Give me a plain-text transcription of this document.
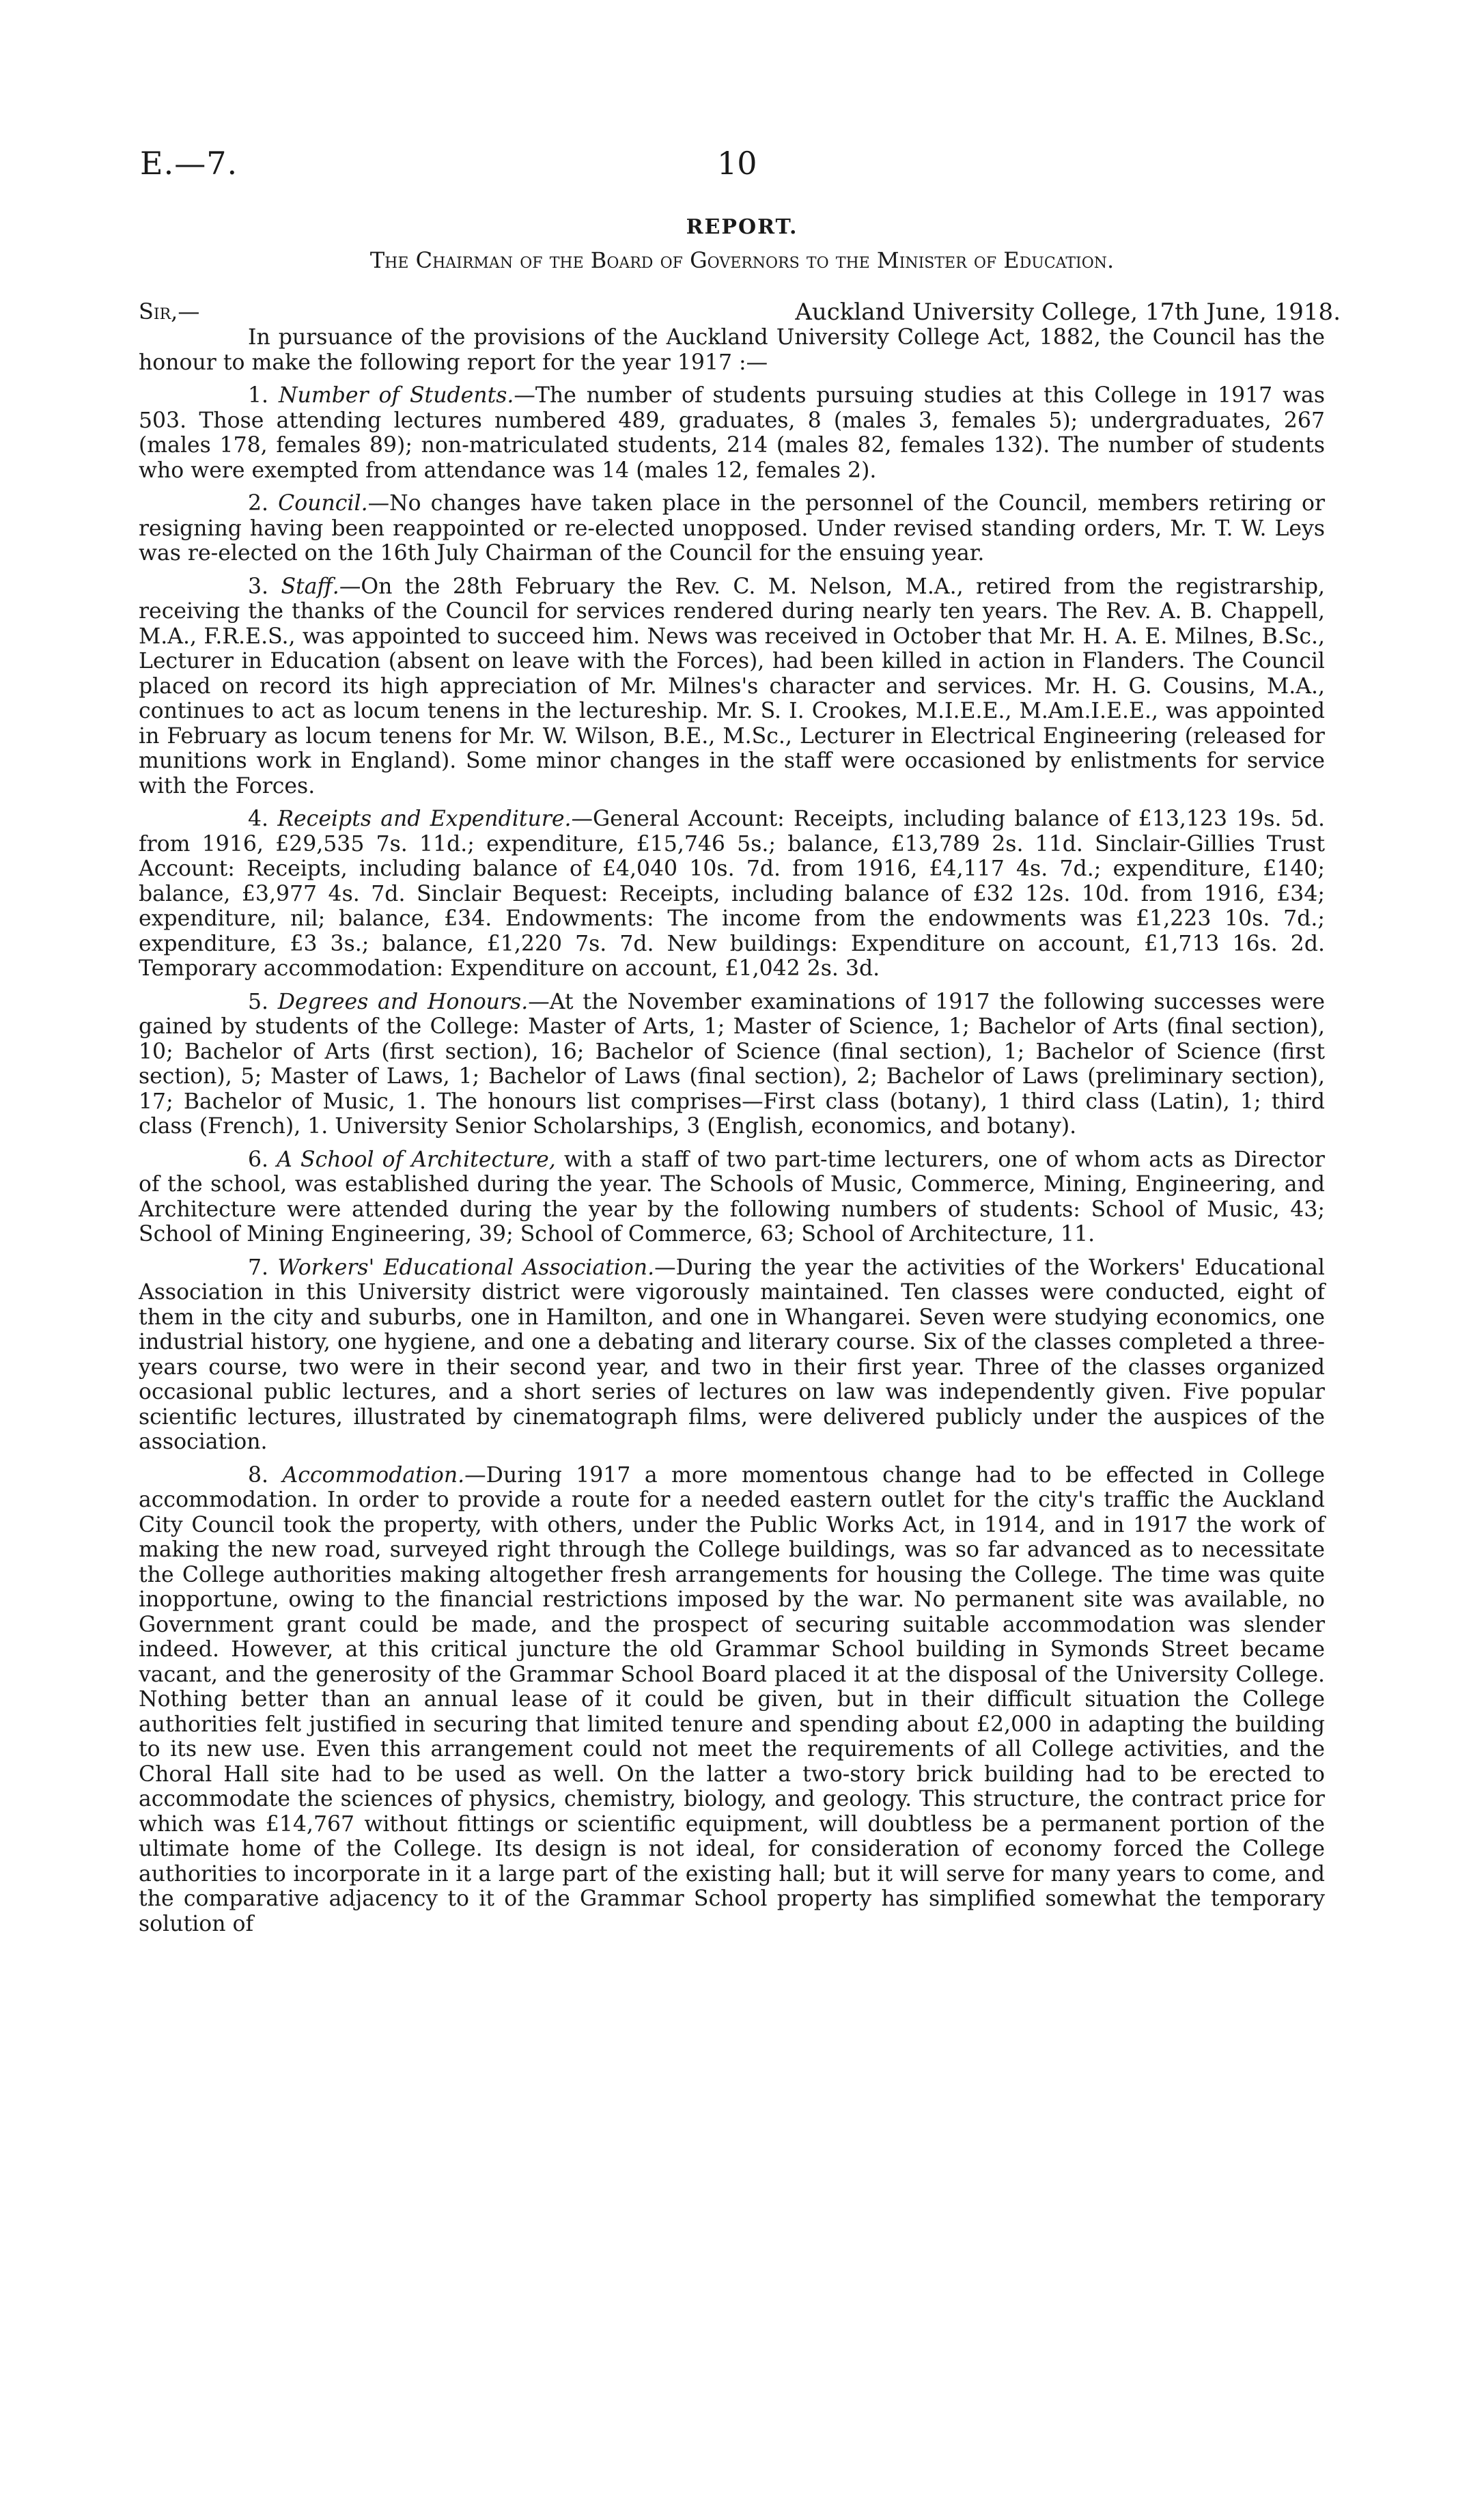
E.—7.	10
REPORT.
The Chairman of the Board of Governors to the Minister of Education.
Sir,—	Auckland University College, 17th June, 1918.

In pursuance of the provisions of the Auckland University College Act, 1882, the Council has the honour to make the following report for the year 1917 :—

1. Number of Students.—The number of students pursuing studies at this College in 1917 was 503. Those attending lectures numbered 489, graduates, 8 (males 3, females 5); undergraduates, 267 (males 178, females 89); non-matriculated students, 214 (males 82, females 132). The number of students who were exempted from attendance was 14 (males 12, females 2).

2. Council.—No changes have taken place in the personnel of the Council, members retiring or resigning having been reappointed or re-elected unopposed. Under revised standing orders, Mr. T. W. Leys was re-elected on the 16th July Chairman of the Council for the ensuing year.

3. Staff.—On the 28th February the Rev. C. M. Nelson, M.A., retired from the registrarship, receiving the thanks of the Council for services rendered during nearly ten years. The Rev. A. B. Chappell, M.A., F.R.E.S., was appointed to succeed him. News was received in October that Mr. H. A. E. Milnes, B.Sc., Lecturer in Education (absent on leave with the Forces), had been killed in action in Flanders. The Council placed on record its high appreciation of Mr. Milnes's character and services. Mr. H. G. Cousins, M.A., continues to act as locum tenens in the lectureship. Mr. S. I. Crookes, M.I.E.E., M.Am.I.E.E., was appointed in February as locum tenens for Mr. W. Wilson, B.E., M.Sc., Lecturer in Electrical Engineering (released for munitions work in England). Some minor changes in the staff were occasioned by enlistments for service with the Forces.

4. Receipts and Expenditure.—General Account: Receipts, including balance of £13,123 19s. 5d. from 1916, £29,535 7s. 11d.; expenditure, £15,746 5s.; balance, £13,789 2s. 11d. Sinclair-Gillies Trust Account: Receipts, including balance of £4,040 10s. 7d. from 1916, £4,117 4s. 7d.; expenditure, £140; balance, £3,977 4s. 7d. Sinclair Bequest: Receipts, including balance of £32 12s. 10d. from 1916, £34; expenditure, nil; balance, £34. Endowments: The income from the endowments was £1,223 10s. 7d.; expenditure, £3 3s.; balance, £1,220 7s. 7d. New buildings: Expenditure on account, £1,713 16s. 2d. Temporary accommodation: Expenditure on account, £1,042 2s. 3d.

5. Degrees and Honours.—At the November examinations of 1917 the following successes were gained by students of the College: Master of Arts, 1; Master of Science, 1; Bachelor of Arts (final section), 10; Bachelor of Arts (first section), 16; Bachelor of Science (final section), 1; Bachelor of Science (first section), 5; Master of Laws, 1; Bachelor of Laws (final section), 2; Bachelor of Laws (preliminary section), 17; Bachelor of Music, 1. The honours list comprises—First class (botany), 1 third class (Latin), 1; third class (French), 1. University Senior Scholarships, 3 (English, economics, and botany).

6. A School of Architecture, with a staff of two part-time lecturers, one of whom acts as Director of the school, was established during the year. The Schools of Music, Commerce, Mining, Engineering, and Architecture were attended during the year by the following numbers of students: School of Music, 43; School of Mining Engineering, 39; School of Commerce, 63; School of Architecture, 11.

7. Workers' Educational Association.—During the year the activities of the Workers' Educational Association in this University district were vigorously maintained. Ten classes were conducted, eight of them in the city and suburbs, one in Hamilton, and one in Whangarei. Seven were studying economics, one industrial history, one hygiene, and one a debating and literary course. Six of the classes completed a three-years course, two were in their second year, and two in their first year. Three of the classes organized occasional public lectures, and a short series of lectures on law was independently given. Five popular scientific lectures, illustrated by cinematograph films, were delivered publicly under the auspices of the association.

8. Accommodation.—During 1917 a more momentous change had to be effected in College accommodation. In order to provide a route for a needed eastern outlet for the city's traffic the Auckland City Council took the property, with others, under the Public Works Act, in 1914, and in 1917 the work of making the new road, surveyed right through the College buildings, was so far advanced as to necessitate the College authorities making altogether fresh arrangements for housing the College. The time was quite inopportune, owing to the financial restrictions imposed by the war. No permanent site was available, no Government grant could be made, and the prospect of securing suitable accommodation was slender indeed. However, at this critical juncture the old Grammar School building in Symonds Street became vacant, and the generosity of the Grammar School Board placed it at the disposal of the University College. Nothing better than an annual lease of it could be given, but in their difficult situation the College authorities felt justified in securing that limited tenure and spending about £2,000 in adapting the building to its new use. Even this arrangement could not meet the requirements of all College activities, and the Choral Hall site had to be used as well. On the latter a two-story brick building had to be erected to accommodate the sciences of physics, chemistry, biology, and geology. This structure, the contract price for which was £14,767 without fittings or scientific equipment, will doubtless be a permanent portion of the ultimate home of the College. Its design is not ideal, for consideration of economy forced the College authorities to incorporate in it a large part of the existing hall; but it will serve for many years to come, and the comparative adjacency to it of the Grammar School property has simplified somewhat the temporary solution of
